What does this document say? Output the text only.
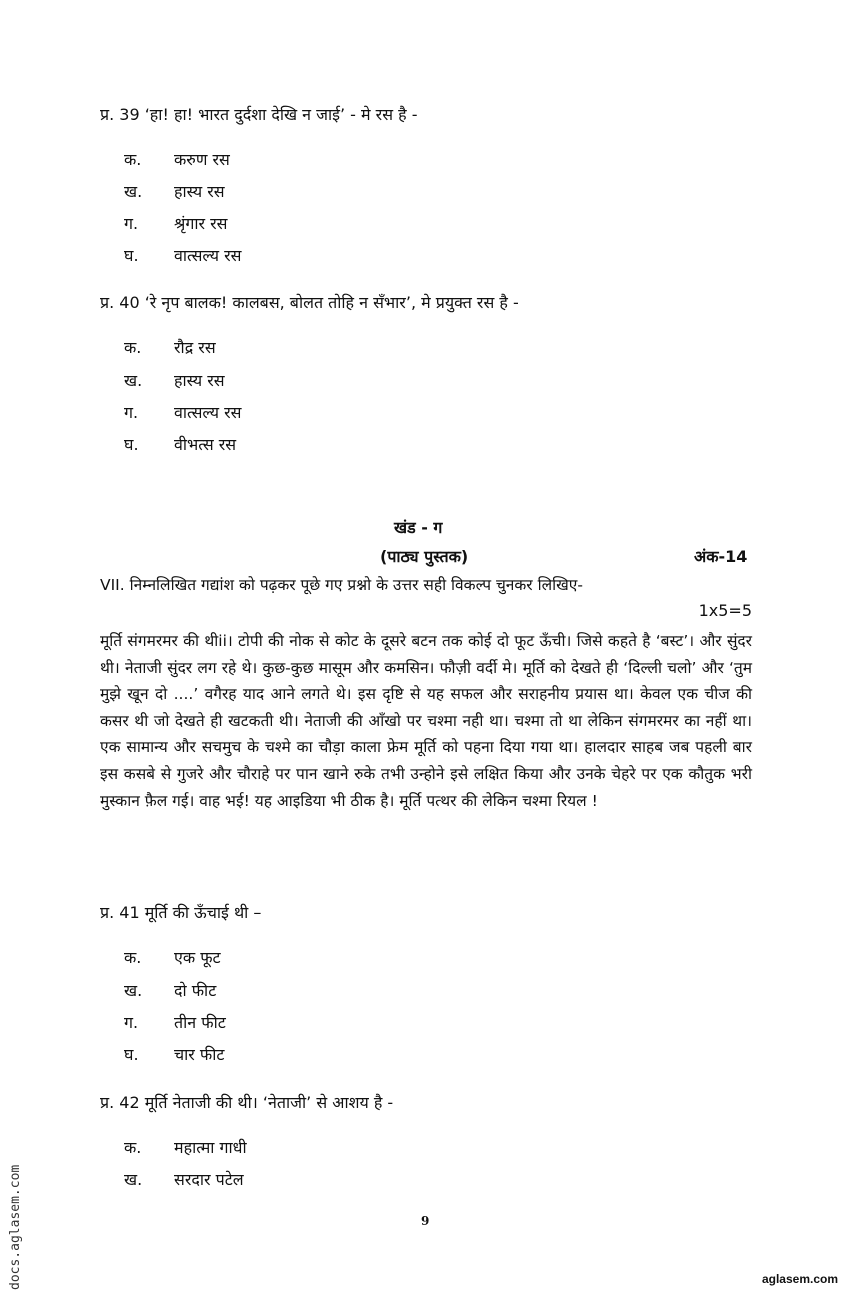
प्र. 39 ‘हा! हा! भारत दुर्दशा देखि न जाई’ - मे रस है -
क. करुण रस
ख. हास्य रस
ग. श्रृंगार रस
घ. वात्सल्य रस
प्र. 40 ‘रे नृप बालक! कालबस, बोलत तोहि न सँभार’, मे प्रयुक्त रस है -
क. रौद्र रस
ख. हास्य रस
ग. वात्सल्य रस
घ. वीभत्स रस
खंड - ग
(पाठ्य पुस्तक)	अंक-14
VII. निम्नलिखित गद्यांश को पढ़कर पूछे गए प्रश्नो के उत्तर सही विकल्प चुनकर लिखिए-
1x5=5
मूर्ति संगमरमर की थीii। टोपी की नोक से कोट के दूसरे बटन तक कोई दो फूट ऊँची। जिसे कहते है ‘बस्ट’। और सुंदर थी। नेताजी सुंदर लग रहे थे। कुछ-कुछ मासूम और कमसिन। फौज़ी वर्दी मे। मूर्ति को देखते ही ‘दिल्ली चलो’ और ‘तुम मुझे खून दो ....’ वगैरह याद आने लगते थे। इस दृष्टि से यह सफल और सराहनीय प्रयास था। केवल एक चीज की कसर थी जो देखते ही खटकती थी। नेताजी की आँखो पर चश्मा नही था। चश्मा तो था लेकिन संगमरमर का नहीं था। एक सामान्य और सचमुच के चश्मे का चौड़ा काला फ्रेम मूर्ति को पहना दिया गया था। हालदार साहब जब पहली बार इस कसबे से गुजरे और चौराहे पर पान खाने रुके तभी उन्होने इसे लक्षित किया और उनके चेहरे पर एक कौतुक भरी मुस्कान फ़ैल गई। वाह भई! यह आइडिया भी ठीक है। मूर्ति पत्थर की लेकिन चश्मा रियल !
प्र. 41 मूर्ति की ऊँचाई थी –
क. एक फूट
ख. दो फीट
ग. तीन फीट
घ. चार फीट
प्र. 42 मूर्ति नेताजी की थी। ‘नेताजी’ से आशय है -
क. महात्मा गाधी
ख. सरदार पटेल
9
docs.aglasem.com	aglasem.com
